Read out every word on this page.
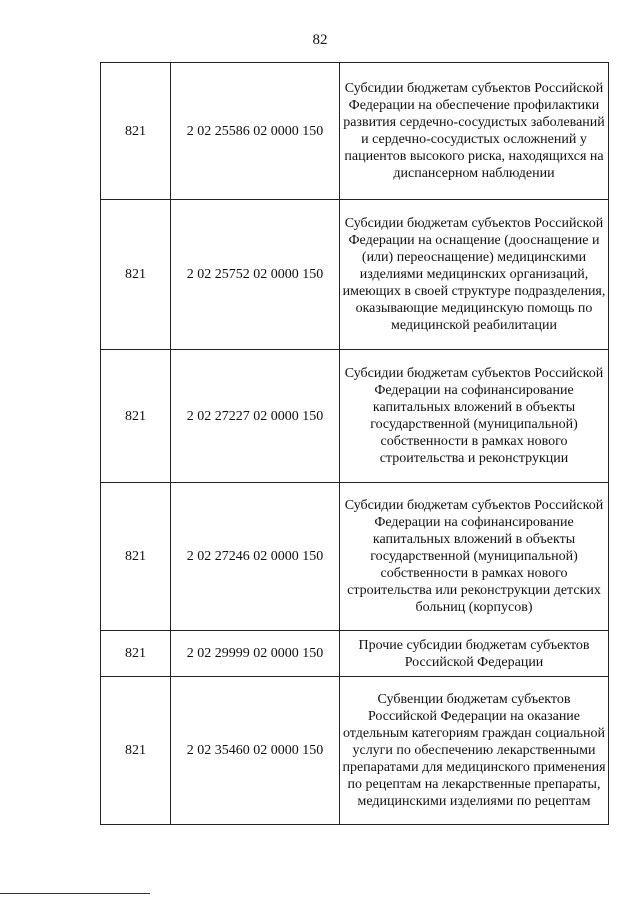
82
821	2 02 25586 02 0000 150	Субсидии бюджетам субъектов Российской Федерации на обеспечение профилактики развития сердечно-сосудистых заболеваний и сердечно-сосудистых осложнений у пациентов высокого риска, находящихся на диспансерном наблюдении
821	2 02 25752 02 0000 150	Субсидии бюджетам субъектов Российской Федерации на оснащение (дооснащение и (или) переоснащение) медицинскими изделиями медицинских организаций, имеющих в своей структуре подразделения, оказывающие медицинскую помощь по медицинской реабилитации
821	2 02 27227 02 0000 150	Субсидии бюджетам субъектов Российской Федерации на софинансирование капитальных вложений в объекты государственной (муниципальной) собственности в рамках нового строительства и реконструкции
821	2 02 27246 02 0000 150	Субсидии бюджетам субъектов Российской Федерации на софинансирование капитальных вложений в объекты государственной (муниципальной) собственности в рамках нового строительства или реконструкции детских больниц (корпусов)
821	2 02 29999 02 0000 150	Прочие субсидии бюджетам субъектов Российской Федерации
821	2 02 35460 02 0000 150	Субвенции бюджетам субъектов Российской Федерации на оказание отдельным категориям граждан социальной услуги по обеспечению лекарственными препаратами для медицинского применения по рецептам на лекарственные препараты, медицинскими изделиями по рецептам
